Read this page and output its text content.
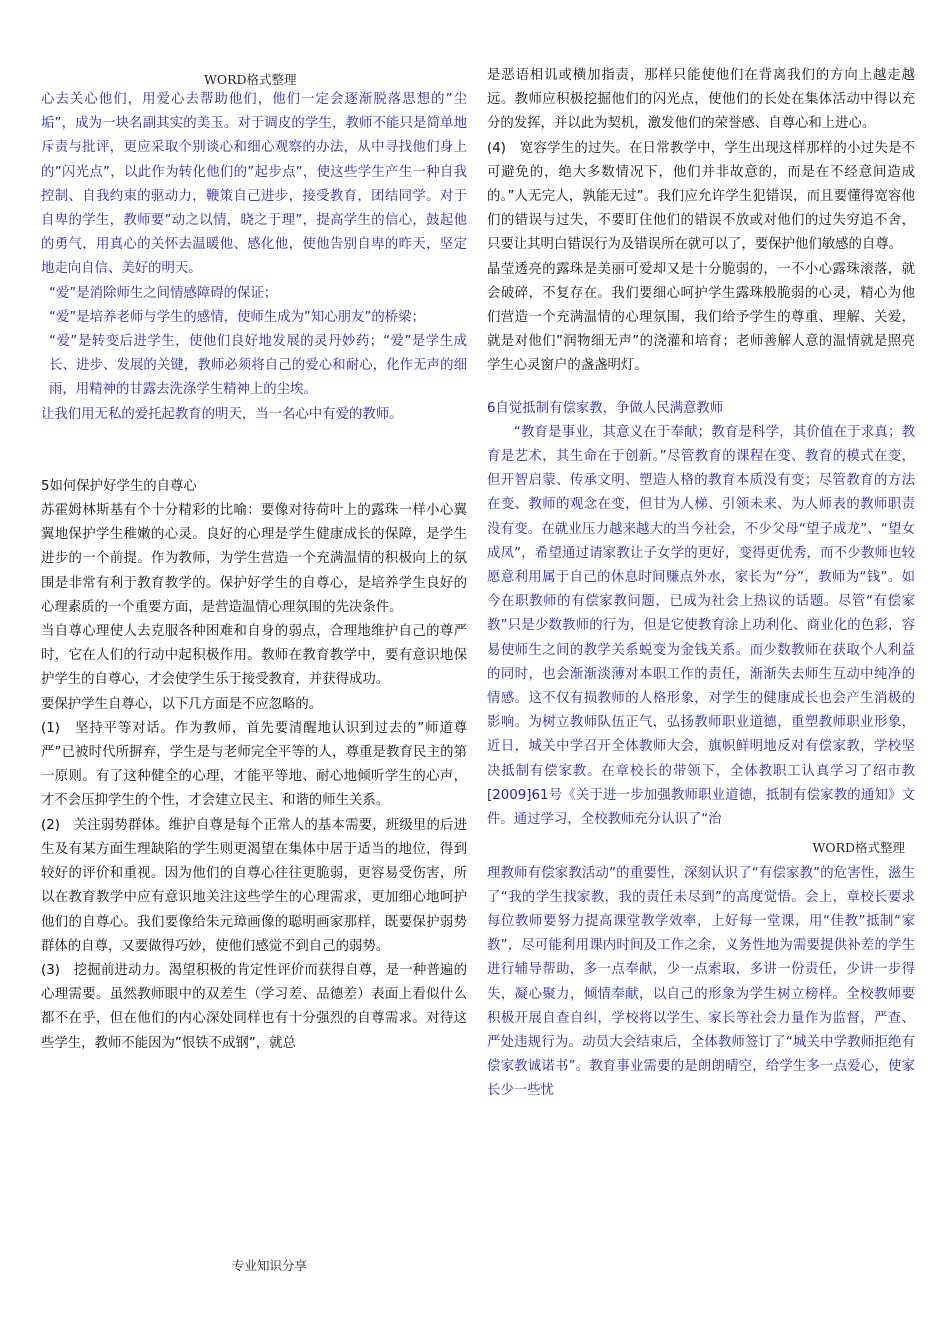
WORD格式整理

心去关心他们，用爱心去帮助他们，他们一定会逐渐脱落思想的”尘垢”，成为一块名副其实的美玉。对于调皮的学生，教师不能只是简单地斥责与批评，更应采取个别谈心和细心观察的办法，从中寻找他们身上的”闪光点”，以此作为转化他们的”起步点”，使这些学生产生一种自我控制、自我约束的驱动力，鞭策自己进步，接受教育，团结同学。对于自卑的学生，教师要”动之以情，晓之于理”，提高学生的信心，鼓起他的勇气，用真心的关怀去温暖他、感化他，使他告别自卑的昨天，坚定地走向自信、美好的明天。

“爱”是消除师生之间情感障碍的保证；

“爱”是培养老师与学生的感情，使师生成为”知心朋友”的桥梁；

“爱”是转变后进学生，使他们良好地发展的灵丹妙药；“爱”是学生成长、进步、发展的关键，教师必须将自己的爱心和耐心，化作无声的细雨，用精神的甘露去洗涤学生精神上的尘埃。

让我们用无私的爱托起教育的明天，当一名心中有爱的教师。

5如何保护好学生的自尊心

苏霍姆林斯基有个十分精彩的比喻：要像对待荷叶上的露珠一样小心翼翼地保护学生稚嫩的心灵。良好的心理是学生健康成长的保障，是学生进步的一个前提。作为教师，为学生营造一个充满温情的积极向上的氛围是非常有利于教育教学的。保护好学生的自尊心，是培养学生良好的心理素质的一个重要方面，是营造温情心理氛围的先决条件。

当自尊心理使人去克服各种困难和自身的弱点，合理地维护自己的尊严时，它在人们的行动中起积极作用。教师在教育教学中，要有意识地保护学生的自尊心，才会使学生乐于接受教育，并获得成功。

要保护学生自尊心，以下几方面是不应忽略的。

(1)　坚持平等对话。作为教师，首先要清醒地认识到过去的”师道尊严”已被时代所摒弃，学生是与老师完全平等的人，尊重是教育民主的第一原则。有了这种健全的心理，才能平等地、耐心地倾听学生的心声，才不会压抑学生的个性，才会建立民主、和谐的师生关系。

(2)　关注弱势群体。维护自尊是每个正常人的基本需要，班级里的后进生及有某方面生理缺陷的学生则更渴望在集体中居于适当的地位，得到较好的评价和重视。因为他们的自尊心往往更脆弱，更容易受伤害，所以在教育教学中应有意识地关注这些学生的心理需求，更加细心地呵护他们的自尊心。我们要像给朱元璋画像的聪明画家那样，既要保护弱势群体的自尊，又要做得巧妙，使他们感觉不到自己的弱势。

(3)　挖掘前进动力。渴望积极的肯定性评价而获得自尊，是一种普遍的心理需要。虽然教师眼中的双差生（学习差、品德差）表面上看似什么都不在乎，但在他们的内心深处同样也有十分强烈的自尊需求。对待这些学生，教师不能因为”恨铁不成钢”，就总

是恶语相讥或横加指责，那样只能使他们在背离我们的方向上越走越远。教师应积极挖掘他们的闪光点，使他们的长处在集体活动中得以充分的发挥，并以此为契机，激发他们的荣誉感、自尊心和上进心。

(4)　宽容学生的过失。在日常教学中，学生出现这样那样的小过失是不可避免的，绝大多数情况下，他们并非故意的，而是在不经意间造成的。”人无完人，孰能无过”。我们应允许学生犯错误，而且要懂得宽容他们的错误与过失，不要盯住他们的错误不放或对他们的过失穷追不舍，只要让其明白错误行为及错误所在就可以了，要保护他们敏感的自尊。

晶莹透亮的露珠是美丽可爱却又是十分脆弱的，一不小心露珠滚落，就会破碎，不复存在。我们要细心呵护学生露珠般脆弱的心灵，精心为他们营造一个充满温情的心理氛围，我们给予学生的尊重、理解、关爱，就是对他们”润物细无声”的浇灌和培育；老师善解人意的温情就是照亮学生心灵窗户的盏盏明灯。

6自觉抵制有偿家教，争做人民满意教师

“教育是事业，其意义在于奉献；教育是科学，其价值在于求真；教育是艺术，其生命在于创新。”尽管教育的课程在变、教育的模式在变，但开智启蒙、传承文明、塑造人格的教育本质没有变；尽管教育的方法在变、教师的观念在变，但甘为人梯、引领未来、为人师表的教师职责没有变。在就业压力越来越大的当今社会，不少父母“望子成龙”、“望女成凤”，希望通过请家教让子女学的更好，变得更优秀，而不少教师也较愿意利用属于自己的休息时间赚点外水，家长为“分”，教师为“钱”。如今在职教师的有偿家教问题，已成为社会上热议的话题。尽管“有偿家教”只是少数教师的行为，但是它使教育涂上功利化、商业化的色彩，容易使师生之间的教学关系蜕变为金钱关系。而少数教师在获取个人利益的同时，也会渐渐淡薄对本职工作的责任，渐渐失去师生互动中纯净的情感。这不仅有损教师的人格形象，对学生的健康成长也会产生消极的影响。为树立教师队伍正气，弘扬教师职业道德，重塑教师职业形象，近日，城关中学召开全体教师大会，旗帜鲜明地反对有偿家教，学校坚决抵制有偿家教。在章校长的带领下，全体教职工认真学习了绍市教[2009]61号《关于进一步加强教师职业道德，抵制有偿家教的通知》文件。通过学习，全校教师充分认识了“治

WORD格式整理

理教师有偿家教活动”的重要性，深刻认识了“有偿家教”的危害性，滋生了“我的学生找家教，我的责任未尽到”的高度觉悟。会上，章校长要求每位教师要努力提高课堂教学效率，上好每一堂课，用“佳教”抵制“家教”，尽可能利用课内时间及工作之余，义务性地为需要提供补差的学生进行辅导帮助，多一点奉献，少一点索取，多讲一份责任，少讲一步得失，凝心聚力，倾情奉献，以自己的形象为学生树立榜样。全校教师要积极开展自查自纠，学校将以学生、家长等社会力量作为监督，严查、严处违规行为。动员大会结束后，全体教师签订了“城关中学教师拒绝有偿家教诚诺书”。教育事业需要的是朗朗晴空，给学生多一点爱心，使家长少一些忧

专业知识分享
